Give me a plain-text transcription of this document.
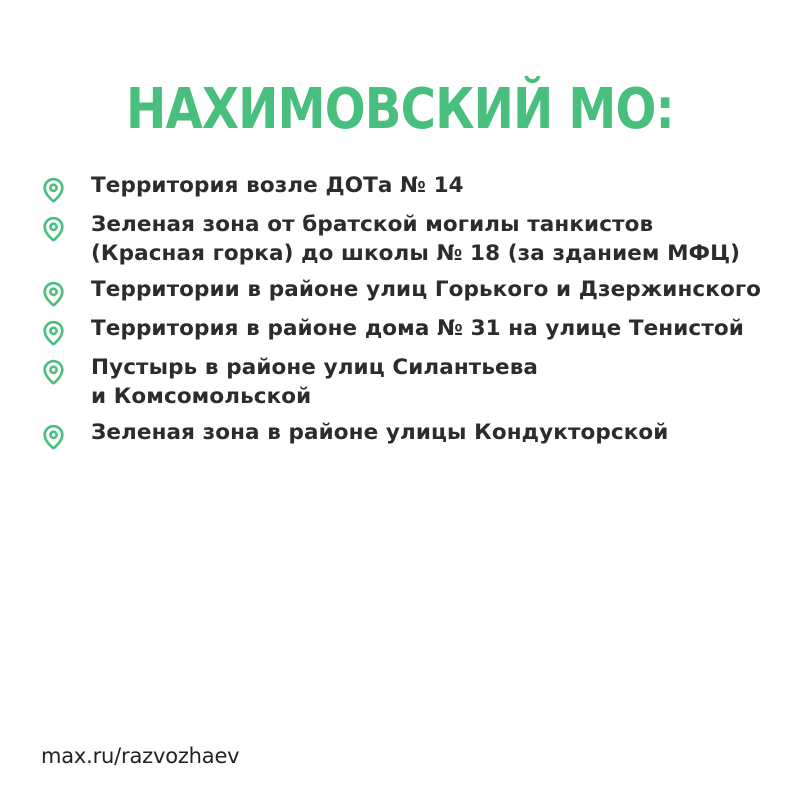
НАХИМОВСКИЙ МО:
Территория возле ДОТа № 14
Зеленая зона от братской могилы танкистов
(Красная горка) до школы № 18 (за зданием МФЦ)
Территории в районе улиц Горького и Дзержинского
Территория в районе дома № 31 на улице Тенистой
Пустырь в районе улиц Силантьева
и Комсомольской
Зеленая зона в районе улицы Кондукторской
max.ru/razvozhaev
